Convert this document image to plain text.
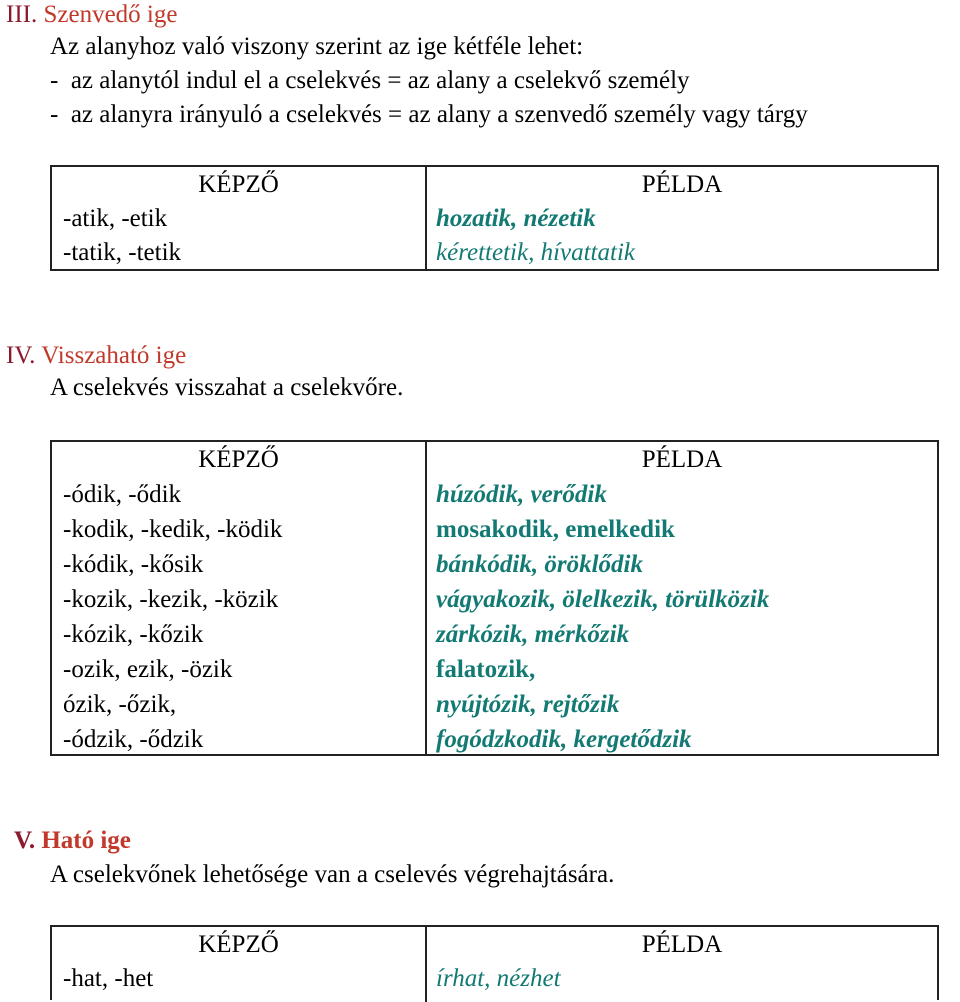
III. Szenvedő ige
Az alanyhoz való viszony szerint az ige kétféle lehet:
-  az alanytól indul el a cselekvés = az alany a cselekvő személy
-  az alanyra irányuló a cselekvés = az alany a szenvedő személy vagy tárgy
KÉPZŐ	PÉLDA
-atik, -etik	hozatik, nézetik
-tatik, -tetik	kérettetik, hívattatik
IV. Visszaható ige
A cselekvés visszahat a cselekvőre.
KÉPZŐ	PÉLDA
-ódik, -ődik	húzódik, verődik
-kodik, -kedik, -ködik	mosakodik, emelkedik
-kódik, -kősik	bánkódik, öröklődik
-kozik, -kezik, -közik	vágyakozik, ölelkezik, törülközik
-kózik, -kőzik	zárkózik, mérkőzik
-ozik, ezik, -özik	falatozik,
ózik, -őzik,	nyújtózik, rejtőzik
-ódzik, -ődzik	fogódzkodik, kergetődzik
V. Ható ige
A cselekvőnek lehetősége van a cselevés végrehajtására.
KÉPZŐ	PÉLDA
-hat, -het	írhat, nézhet
